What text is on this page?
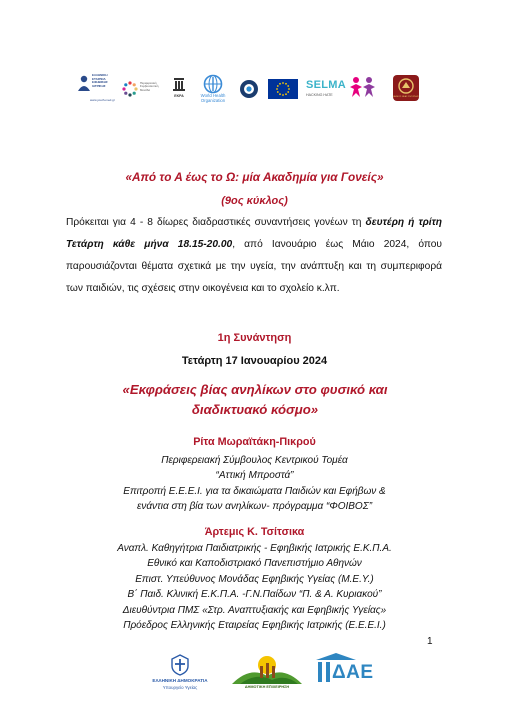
ΕΛΛΗΝΙΚΗ ΕΤΑΙΡΕΙΑ ΕΦΗΒΙΚΗΣ ΙΑΤΡΙΚΗΣ
www.youth-med.gr
Περιφερειακή Συμβουλευτική Μονάδα
EKPA	World Health Organization
SELMA
HACKING HATE	ΔΗΜΟΣ ΝΕΑΣ ΣΜΥΡΝΗΣ
«Από το Α έως το Ω: μία Ακαδημία για Γονείς»
(9ος κύκλος)

Πρόκειται για 4 - 8 δίωρες διαδραστικές συναντήσεις γονέων τη δευτέρη ή τρίτη Τετάρτη κάθε μήνα 18.15-20.00, από Ιανουάριο έως Μάιο 2024, όπου παρουσιάζονται θέματα σχετικά με την υγεία, την ανάπτυξη και τη συμπεριφορά των παιδιών, τις σχέσεις στην οικογένεια και το σχολείο κ.λπ.

1η Συνάντηση
Τετάρτη 17 Ιανουαρίου 2024
«Εκφράσεις βίας ανηλίκων στο φυσικό και
διαδικτυακό κόσμο»
Ρίτα Μωραϊτάκη-Πικρού
Περιφερειακή Σύμβουλος Κεντρικού Τομέα
“Αττική Μπροστά”
Επιτροπή Ε.Ε.Ε.Ι. για τα δικαιώματα Παιδιών και Εφήβων &
ενάντια στη βία των ανηλίκων- πρόγραμμα “ΦΟΙΒΟΣ”
Άρτεμις Κ. Τσίτσικα
Αναπλ. Καθηγήτρια Παιδιατρικής - Εφηβικής Ιατρικής Ε.Κ.Π.Α.
Εθνικό και Καποδιστριακό Πανεπιστήμιο Αθηνών
Επιστ. Υπεύθυνος Μονάδας Εφηβικής Υγείας (Μ.Ε.Υ.)
Β΄ Παιδ. Κλινική Ε.Κ.Π.Α. -Γ.Ν.Παίδων “Π. & Α. Κυριακού”
Διευθύντρια ΠΜΣ «Στρ. Αναπτυξιακής και Εφηβικής Υγείας»
Πρόεδρος Ελληνικής Εταιρείας Εφηβικής Ιατρικής (Ε.Ε.Ε.Ι.)
1
ΕΛΛΗΝΙΚΗ ΔΗΜΟΚΡΑΤΙΑ
Υπουργείο Υγείας	ΔΗΜΟΤΙΚΗ ΕΠΙΧΕΙΡΗΣΗ
ΔΑΕ
